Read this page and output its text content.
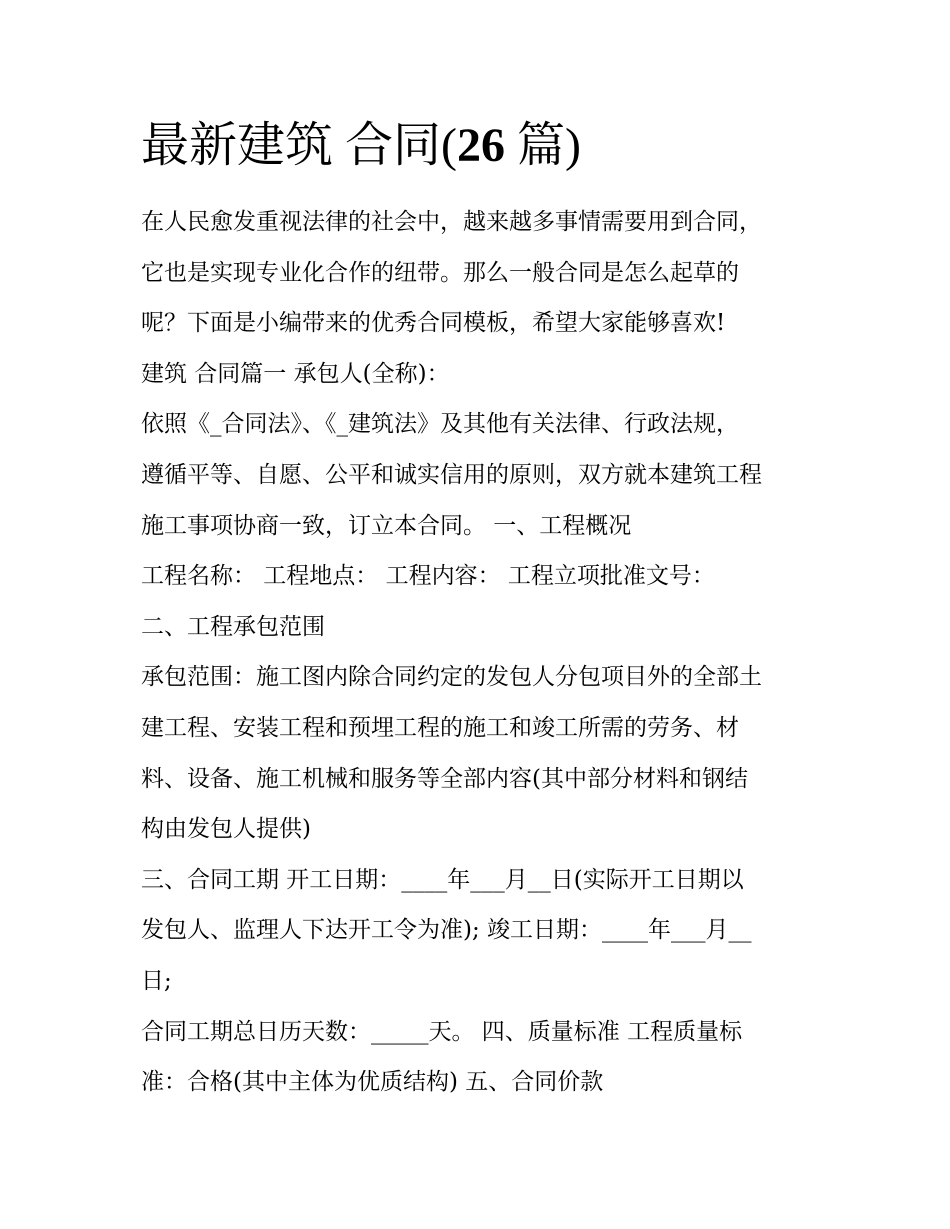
最新建筑 合同(26 篇)
在人民愈发重视法律的社会中，越来越多事情需要用到合同，
它也是实现专业化合作的纽带。那么一般合同是怎么起草的
呢？下面是小编带来的优秀合同模板，希望大家能够喜欢!
建筑 合同篇一 承包人(全称)：
依照《_合同法》、《_建筑法》及其他有关法律、行政法规，
遵循平等、自愿、公平和诚实信用的原则，双方就本建筑工程
施工事项协商一致，订立本合同。 一、工程概况
工程名称： 工程地点： 工程内容： 工程立项批准文号：
二、工程承包范围
承包范围：施工图内除合同约定的发包人分包项目外的全部土
建工程、安装工程和预埋工程的施工和竣工所需的劳务、材
料、设备、施工机械和服务等全部内容(其中部分材料和钢结
构由发包人提供)
三、合同工期 开工日期：____年___月__日(实际开工日期以
发包人、监理人下达开工令为准); 竣工日期：____年___月__
日;
合同工期总日历天数：_____天。 四、质量标准 工程质量标
准：合格(其中主体为优质结构) 五、合同价款
